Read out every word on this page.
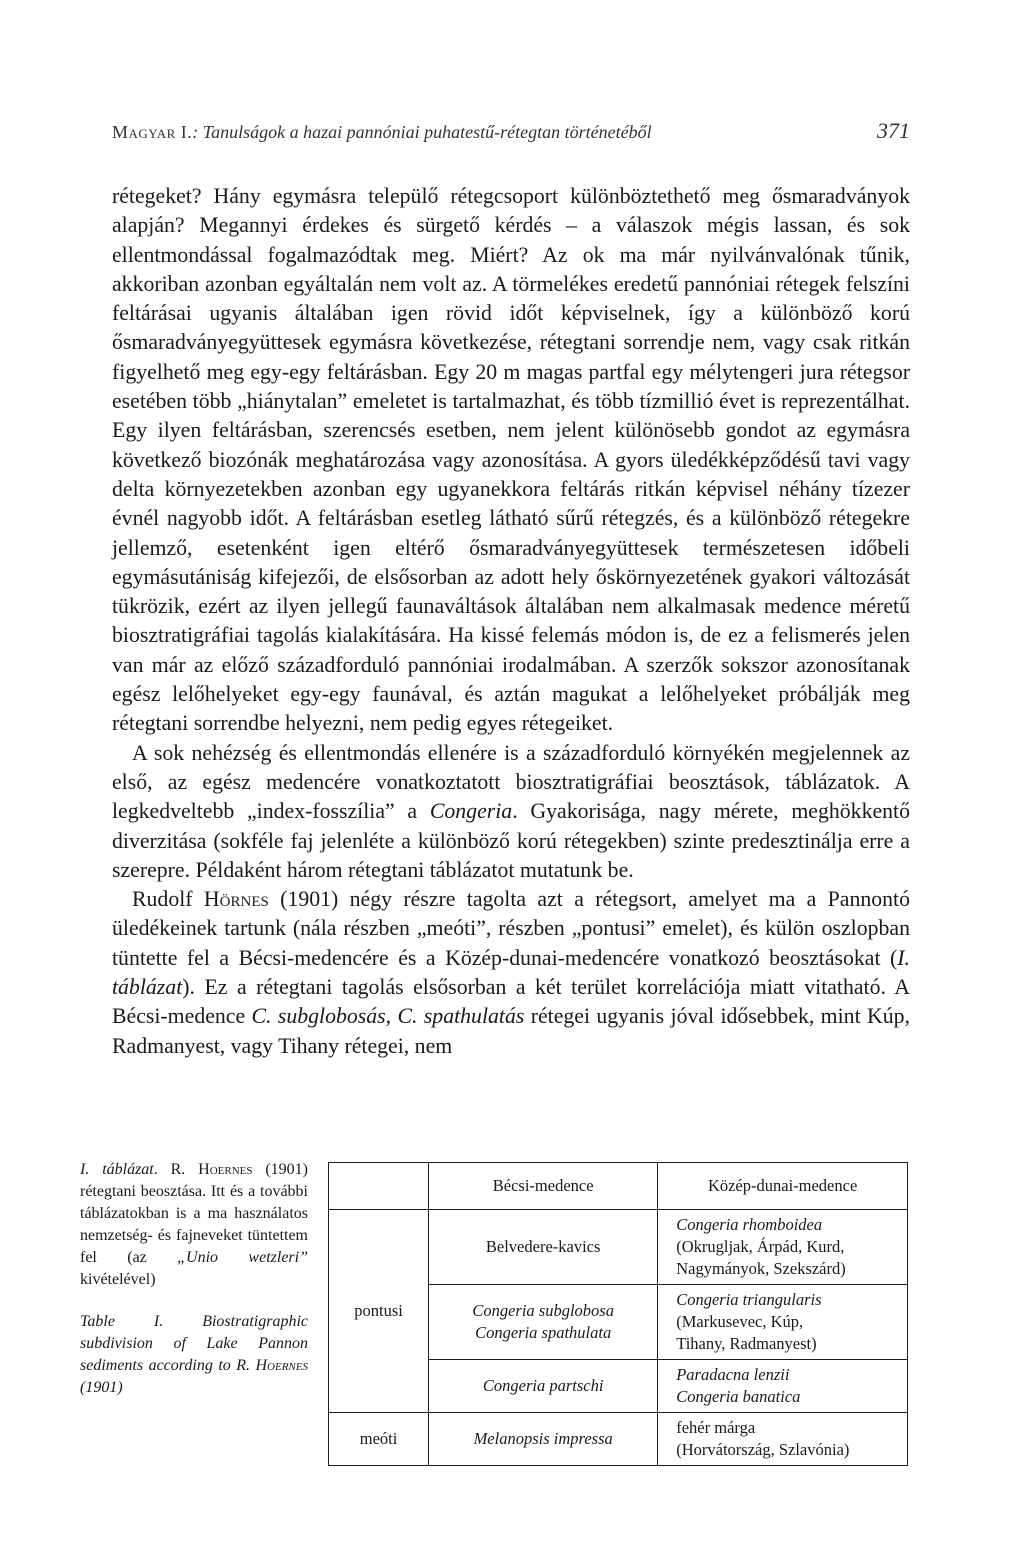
Magyar I.: Tanulságok a hazai pannóniai puhatestű-rétegtan történetéből	371

rétegeket? Hány egymásra települő rétegcsoport különböztethető meg ősmaradványok alapján? Megannyi érdekes és sürgető kérdés – a válaszok mégis lassan, és sok ellentmondással fogalmazódtak meg. Miért? Az ok ma már nyilvánvalónak tűnik, akkoriban azonban egyáltalán nem volt az. A törmelékes eredetű pannóniai rétegek felszíni feltárásai ugyanis általában igen rövid időt képviselnek, így a különböző korú ősmaradványegyüttesek egymásra következése, rétegtani sorrendje nem, vagy csak ritkán figyelhető meg egy-egy feltárásban. Egy 20 m magas partfal egy mélytengeri jura rétegsor esetében több „hiánytalan” emeletet is tartalmazhat, és több tízmillió évet is reprezentálhat. Egy ilyen feltárásban, szerencsés esetben, nem jelent különösebb gondot az egymásra következő biozónák meghatározása vagy azonosítása. A gyors üledékképződésű tavi vagy delta környezetekben azonban egy ugyanekkora feltárás ritkán képvisel néhány tízezer évnél nagyobb időt. A feltárásban esetleg látható sűrű rétegzés, és a különböző rétegekre jellemző, esetenként igen eltérő ősmaradványegyüttesek természetesen időbeli egymásutániság kifejezői, de elsősorban az adott hely őskörnyezetének gyakori változását tükrözik, ezért az ilyen jellegű faunaváltások általában nem alkalmasak medence méretű biosztratigráfiai tagolás kialakítására. Ha kissé felemás módon is, de ez a felismerés jelen van már az előző századforduló pannóniai irodalmában. A szerzők sokszor azonosítanak egész lelőhelyeket egy-egy faunával, és aztán magukat a lelőhelyeket próbálják meg rétegtani sorrendbe helyezni, nem pedig egyes rétegeiket.

A sok nehézség és ellentmondás ellenére is a századforduló környékén megjelennek az első, az egész medencére vonatkoztatott biosztratigráfiai beosztások, táblázatok. A legkedveltebb „index-fosszília” a Congeria. Gyakorisága, nagy mérete, meghökkentő diverzitása (sokféle faj jelenléte a különböző korú rétegekben) szinte predesztinálja erre a szerepre. Példaként három rétegtani táblázatot mutatunk be.

Rudolf Hörnes (1901) négy részre tagolta azt a rétegsort, amelyet ma a Pannontó üledékeinek tartunk (nála részben „meóti”, részben „pontusi” emelet), és külön oszlopban tüntette fel a Bécsi-medencére és a Közép-dunai-medencére vonatkozó beosztásokat (I. táblázat). Ez a rétegtani tagolás elsősorban a két terület korrelációja miatt vitatható. A Bécsi-medence C. subglobosás, C. spathulatás rétegei ugyanis jóval idősebbek, mint Kúp, Radmanyest, vagy Tihany rétegei, nem

I. táblázat. R. Hoernes (1901) rétegtani beosztása. Itt és a további táblázatokban is a ma használatos nemzetség- és fajneveket tüntettem fel (az „Unio wetzleri” kivételével)

Table I. Biostratigraphic subdivision of Lake Pannon sediments according to R. Hoernes (1901)

	Bécsi-medence	Közép-dunai-medence
pontusi	Belvedere-kavics	Congeria rhomboidea
(Okrugljak, Árpád, Kurd,
Nagymányok, Szekszárd)

	Congeria subglobosa
Congeria spathulata	Congeria triangularis
(Markusevec, Kúp,
Tihany, Radmanyest)

	Congeria partschi	Paradacna lenzii
Congeria banatica

meóti	Melanopsis impressa	fehér márga
(Horvátország, Szlavónia)
